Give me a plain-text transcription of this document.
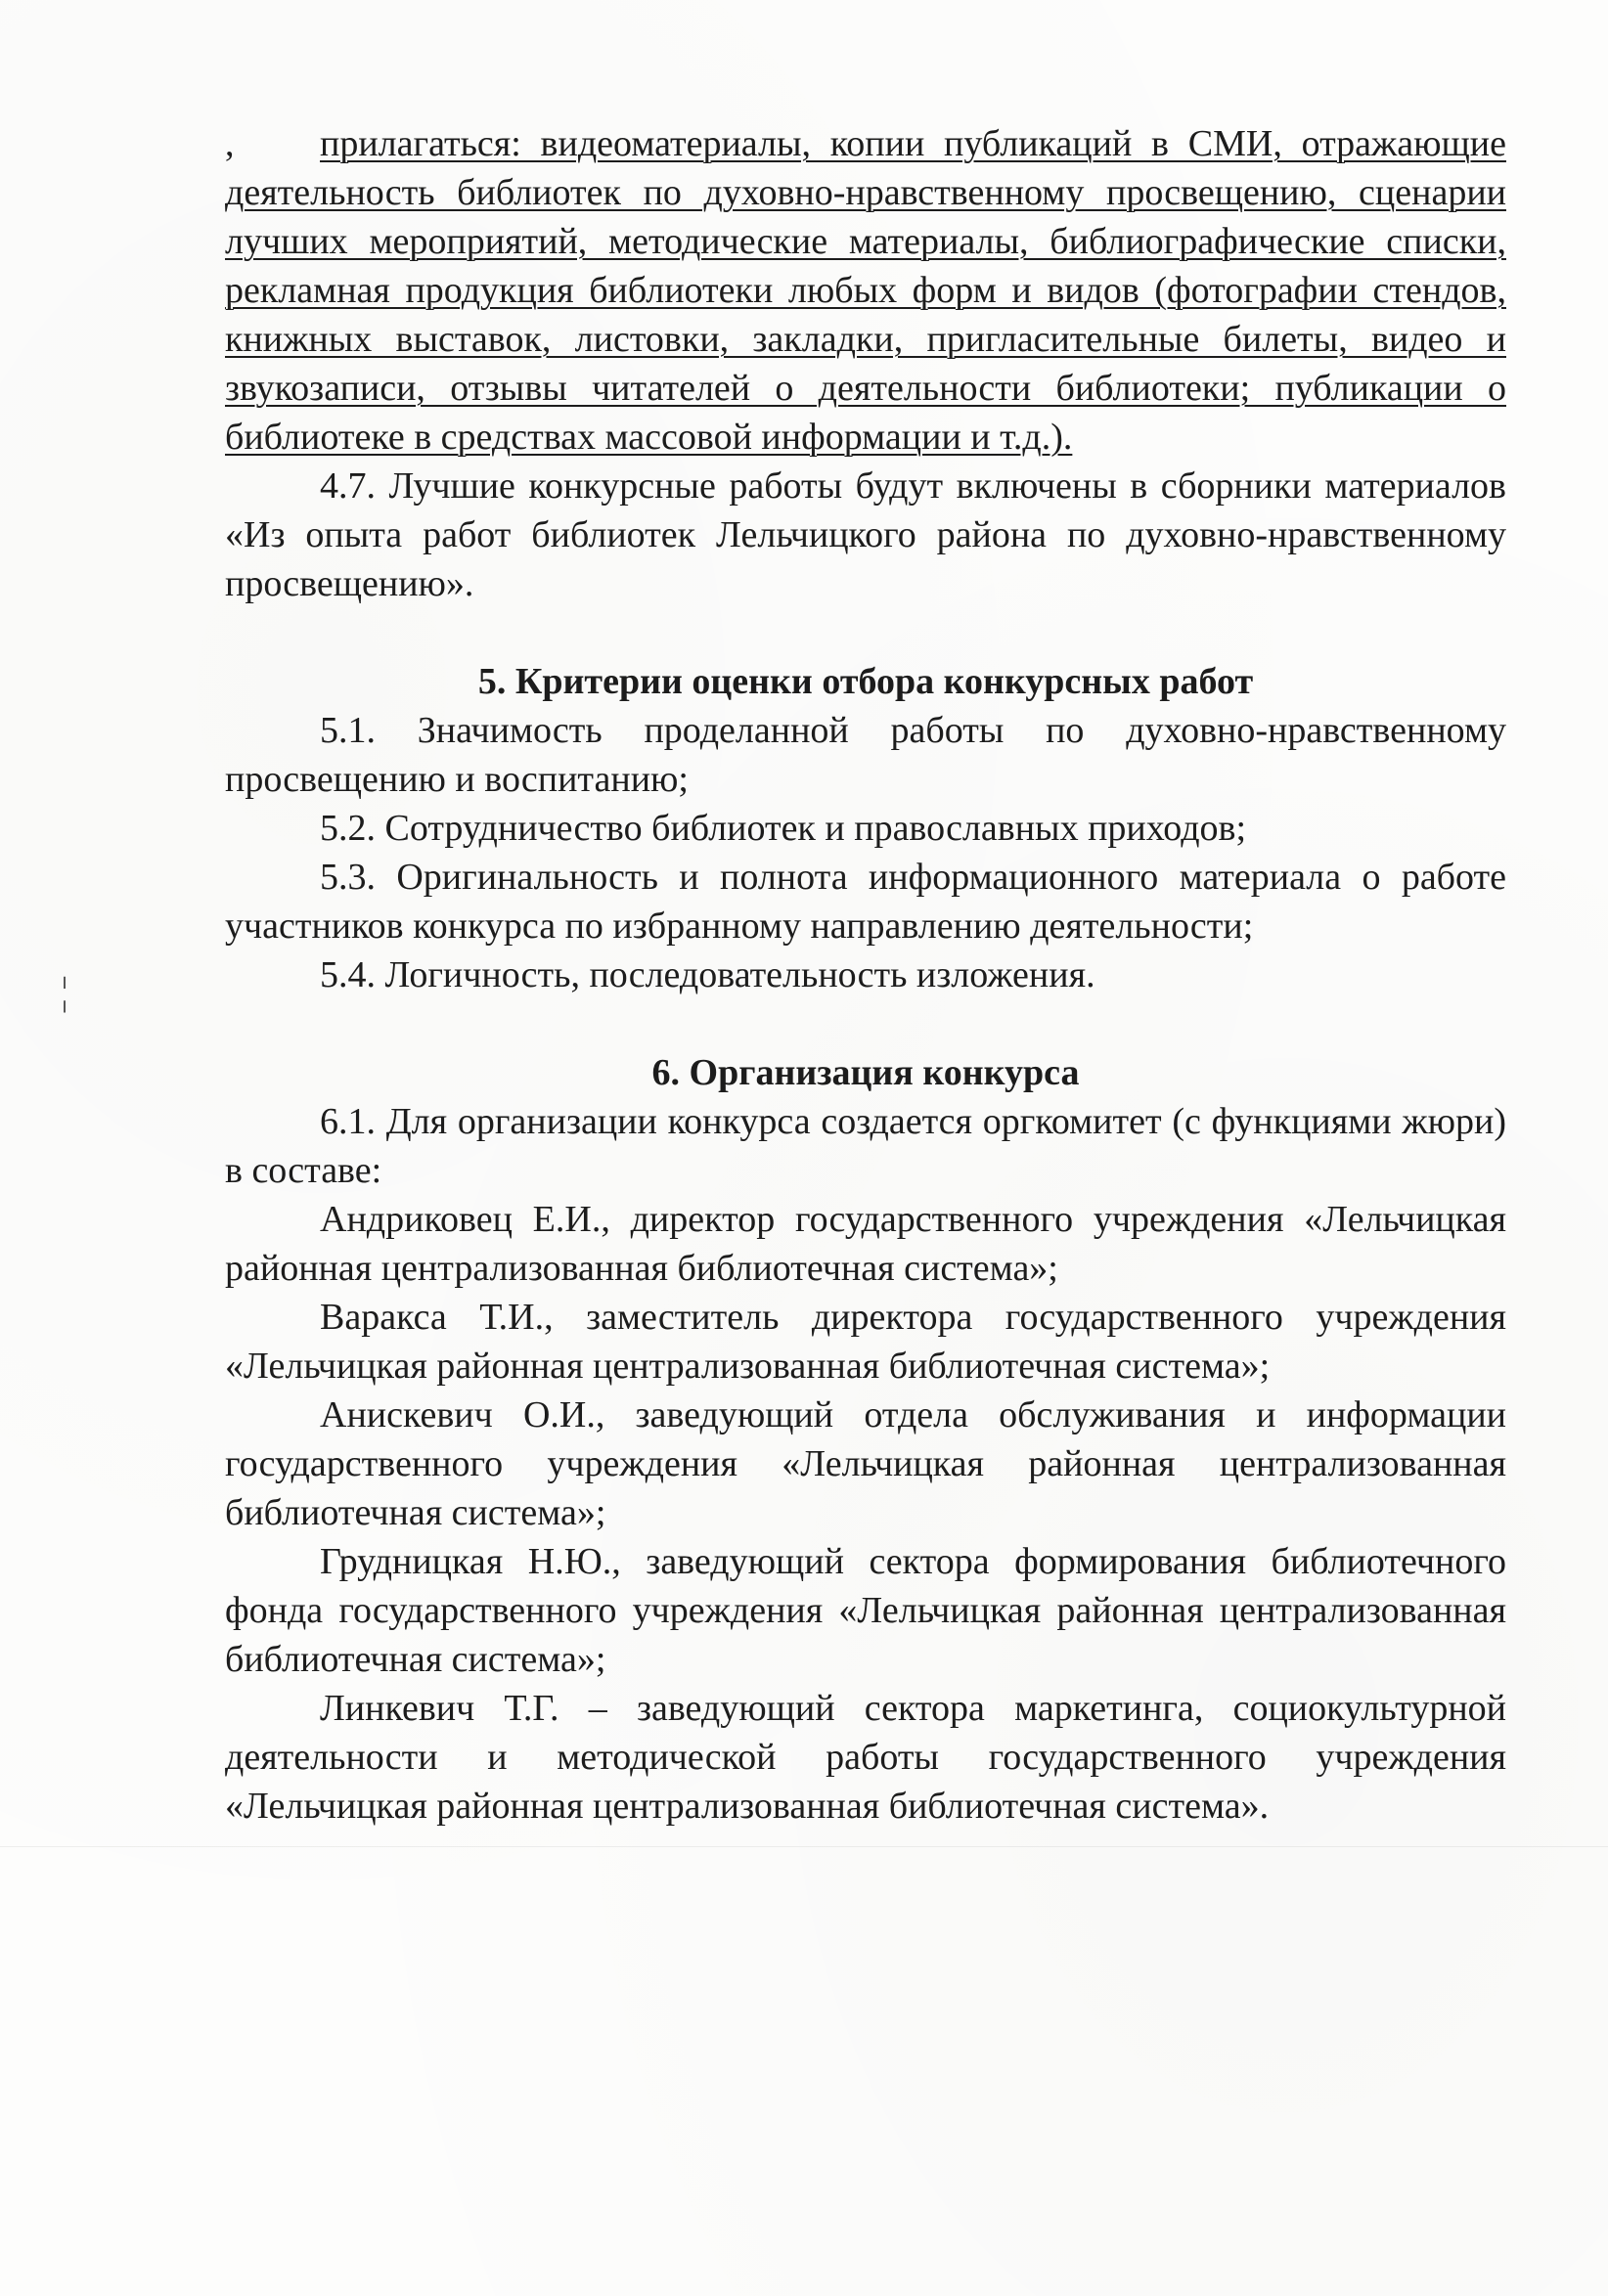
¦
, прилагаться: видеоматериалы, копии публикаций в СМИ, отражающие деятельность библиотек по духовно-нравственному просвещению, сценарии лучших мероприятий, методические материалы, библиографические списки, рекламная продукция библиотеки любых форм и видов (фотографии стендов, книжных выставок, листовки, закладки, пригласительные билеты, видео и звукозаписи, отзывы читателей о деятельности библиотеки; публикации о библиотеке в средствах массовой информации и т.д.).

4.7. Лучшие конкурсные работы будут включены в сборники материалов «Из опыта работ библиотек Лельчицкого района по духовно-нравственному просвещению».

5. Критерии оценки отбора конкурсных работ

5.1. Значимость проделанной работы по духовно-нравственному просвещению и воспитанию;

5.2. Сотрудничество библиотек и православных приходов;

5.3. Оригинальность и полнота информационного материала о работе участников конкурса по избранному направлению деятельности;

5.4. Логичность, последовательность изложения.

6. Организация конкурса

6.1. Для организации конкурса создается оргкомитет (с функциями жюри) в составе:

Андриковец Е.И., директор государственного учреждения «Лельчицкая районная централизованная библиотечная система»;

Варакса Т.И., заместитель директора государственного учреждения «Лельчицкая районная централизованная библиотечная система»;

Анискевич О.И., заведующий отдела обслуживания и информации государственного учреждения «Лельчицкая районная централизованная библиотечная система»;

Грудницкая Н.Ю., заведующий сектора формирования библиотечного фонда государственного учреждения «Лельчицкая районная централизованная библиотечная система»;

Линкевич Т.Г. – заведующий сектора маркетинга, социокультурной деятельности и методической работы государственного учреждения «Лельчицкая районная централизованная библиотечная система».
